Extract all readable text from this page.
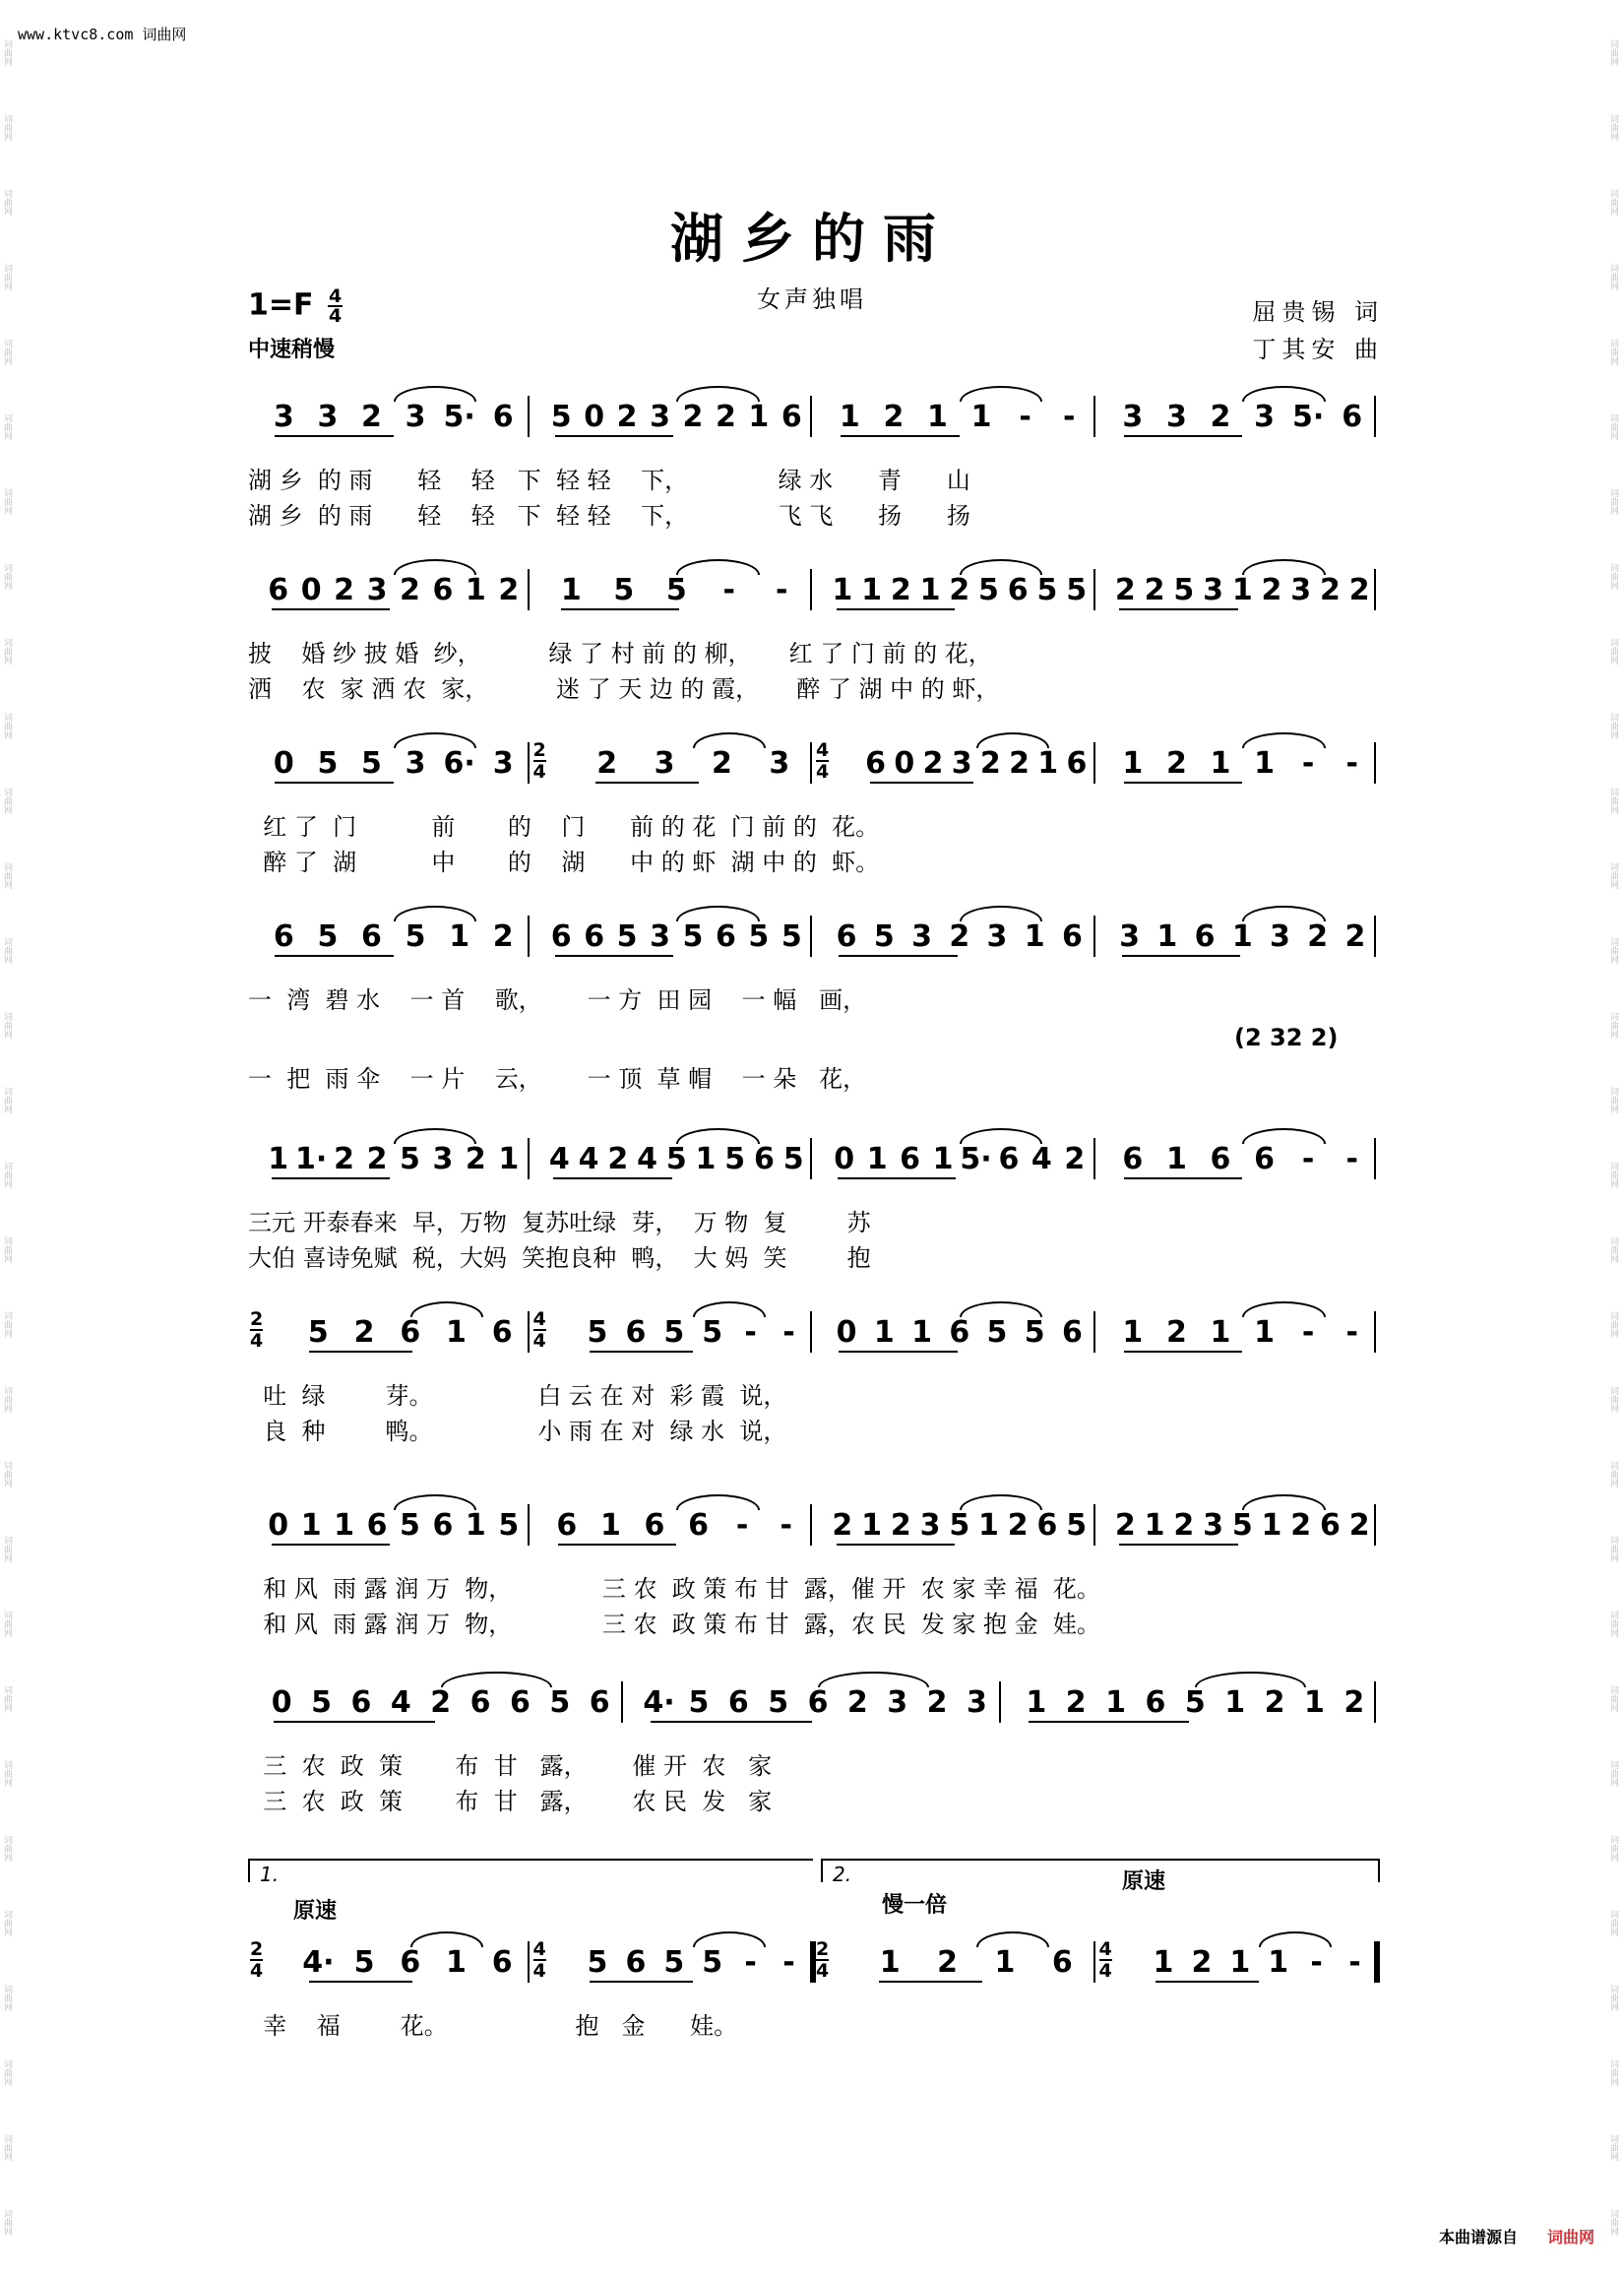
词曲网
词曲网
词曲网
词曲网
词曲网
词曲网
词曲网
词曲网
词曲网
词曲网
词曲网
词曲网
词曲网
词曲网
词曲网
词曲网
词曲网
词曲网
词曲网
词曲网
词曲网
词曲网
词曲网
词曲网
词曲网
词曲网
词曲网
词曲网
词曲网
词曲网
词曲网
词曲网
词曲网
词曲网
词曲网
词曲网
词曲网
词曲网
词曲网
词曲网
词曲网
词曲网
词曲网
词曲网
词曲网
词曲网
词曲网
词曲网
词曲网
词曲网
词曲网
词曲网
词曲网
词曲网
词曲网
词曲网
词曲网
词曲网
词曲网
词曲网
www.ktvc8.com 词曲网
湖乡的雨
女声独唱
$1=F \frac{4}{4}$
中速稍慢
屈贵锡 词
丁其安 曲
3 3 2 3 5· 6 5 0 2 3 2 2 1 6 1 2 1 1 - - 3 3 2 3 5· 6
湖 乡  的 雨      轻    轻   下  轻 轻    下，            绿 水      青      山
湖 乡  的 雨      轻    轻   下  轻 轻    下，            飞 飞      扬      扬
6 0 2 3 2 6 1 2 1 5 5 - - 1 1 2 1 2 5 6 5 5 2 2 5 3 1 2 3 2 2
披    婚 纱 披 婚  纱，         绿 了 村 前 的 柳，     红 了 门 前 的 花，
洒    农  家 洒 农  家，         迷 了 天 边 的 霞，     醉 了 湖 中 的 虾，
0 5 5 3 6· 3 2
4 2 3 2 3 4
4 6 0 2 3 2 2 1 6 1 2 1 1 - -
红 了  门          前       的    门      前 的 花  门 前 的  花。
醉 了  湖          中       的    湖      中 的 虾  湖 中 的  虾。
6 5 6 5 1 2 6 6 5 3 5 6 5 5 6 5 3 2 3 1 6 3 1 6 1 3 2 2
一  湾  碧 水    一 首    歌，      一 方  田 园    一 幅   画，
一  把  雨 伞    一 片    云，      一 顶  草 帽    一 朵   花，
1 1· 2 2 5 3 2 1 4 4 2 4 5 1 5 6 5 0 1 6 1 5· 6 4 2 6 1 6 6 - -
三元 开泰春来  早，万物  复苏吐绿  芽，  万 物  复        苏
大伯 喜诗免赋  税，大妈  笑抱良种  鸭，  大 妈  笑        抱
2
4 5 2 6 1 6 4
4 5 6 5 5 - - 0 1 1 6 5 5 6 1 2 1 1 - -
吐  绿        芽。              白 云 在 对  彩 霞  说，
良  种        鸭。              小 雨 在 对  绿 水  说，
0 1 1 6 5 6 1 5 6 1 6 6 - - 2 1 2 3 5 1 2 6 5 2 1 2 3 5 1 2 6 2
和 风  雨 露 润 万  物，            三 农  政 策 布 甘  露，催 开  农 家 幸 福  花。
和 风  雨 露 润 万  物，            三 农  政 策 布 甘  露，农 民  发 家 抱 金  娃。
0 5 6 4 2 6 6 5 6 4· 5 6 5 6 2 3 2 3 1 2 1 6 5 1 2 1 2
三  农  政  策       布  甘   露，      催 开  农   家
三  农  政  策       布  甘   露，      农 民  发   家
2
4 4· 5 6 1 6 4
4 5 6 5 5 - - 2
4 1 2 1 6 4
4 1 2 1 1 - -
幸    福        花。                 抱   金      娃。
1.	2.
原速	慢一倍
原速
(2 32 2)
本曲谱源自 词曲网
